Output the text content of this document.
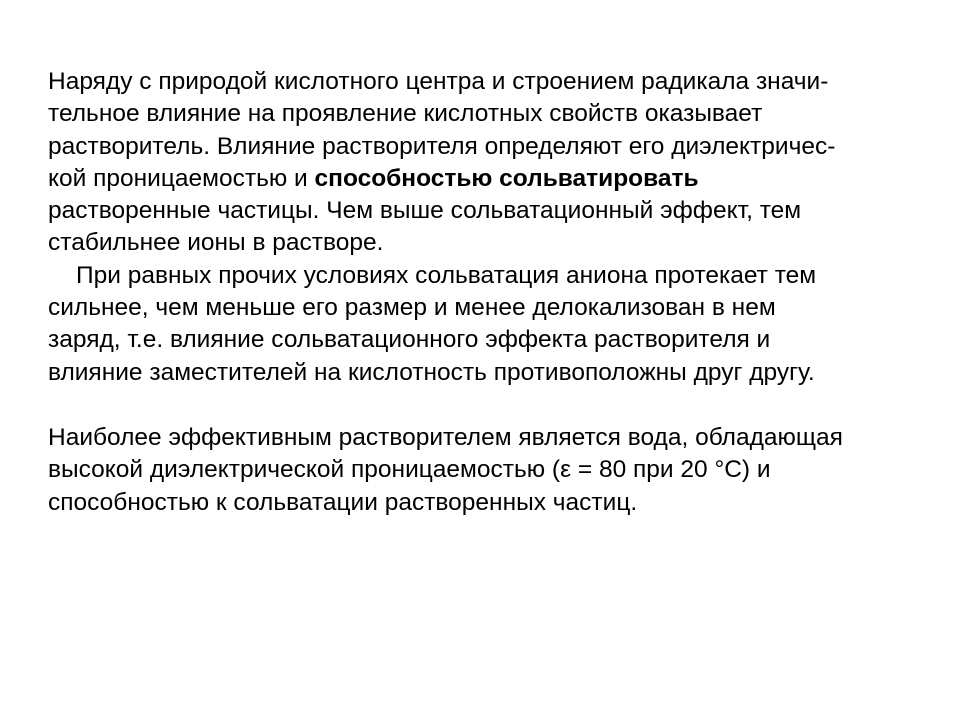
Наряду с природой кислотного центра и строением радикала значи-
тельное влияние на проявление кислотных свойств оказывает
растворитель. Влияние растворителя определяют его диэлектричес-
кой проницаемостью и способностью сольватировать
растворенные частицы. Чем выше сольватационный эффект, тем
стабильнее ионы в растворе.
При равных прочих условиях сольватация аниона протекает тем
сильнее, чем меньше его размер и менее делокализован в нем
заряд, т.е. влияние сольватационного эффекта растворителя и
влияние заместителей на кислотность противоположны друг другу.
Наиболее эффективным растворителем является вода, обладающая
высокой диэлектрической проницаемостью (ε = 80 при 20 °С) и
способностью к сольватации растворенных частиц.
